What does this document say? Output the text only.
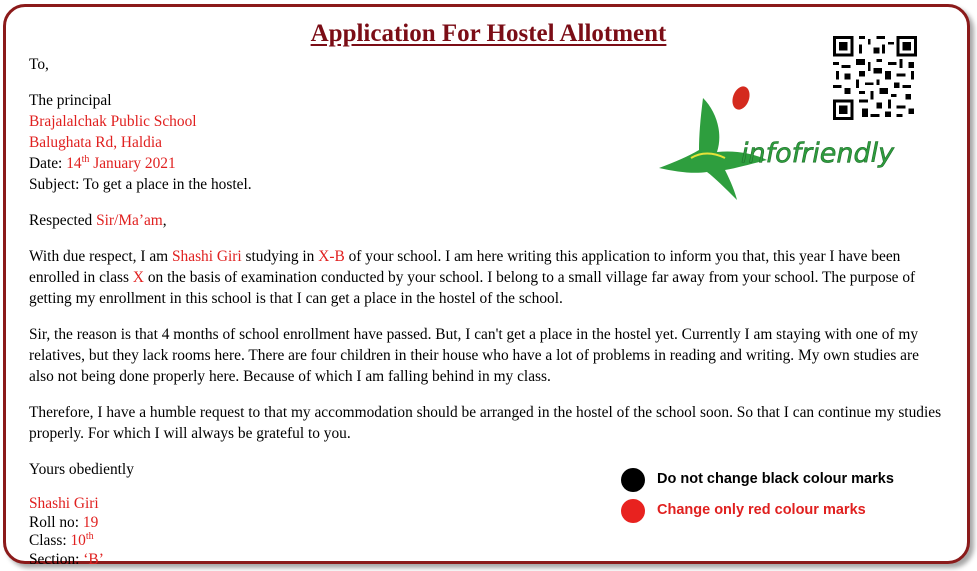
Application For Hostel Allotment

To,

The principal

Brajalalchak Public School

Balughata Rd, Haldia

Date: 14th January 2021

Subject: To get a place in the hostel.

Respected Sir/Ma’am,

With due respect, I am Shashi Giri studying in X-B of your school. I am here writing this application to inform you that, this year I have been enrolled in class X on the basis of examination conducted by your school. I belong to a small village far away from your school. The purpose of getting my enrollment in this school is that I can get a place in the hostel of the school.

Sir, the reason is that 4 months of school enrollment have passed. But, I can't get a place in the hostel yet. Currently I am staying with one of my relatives, but they lack rooms here. There are four children in their house who have a lot of problems in reading and writing. My own studies are also not being done properly here. Because of which I am falling behind in my class.

Therefore, I have a humble request to that my accommodation should be arranged in the hostel of the school soon. So that I can continue my studies properly. For which I will always be grateful to you.

Yours obediently

Shashi Giri

Roll no: 19

Class: 10th

Section: ‘B’

infofriendly
Do not change black colour marks
Change only red colour marks
